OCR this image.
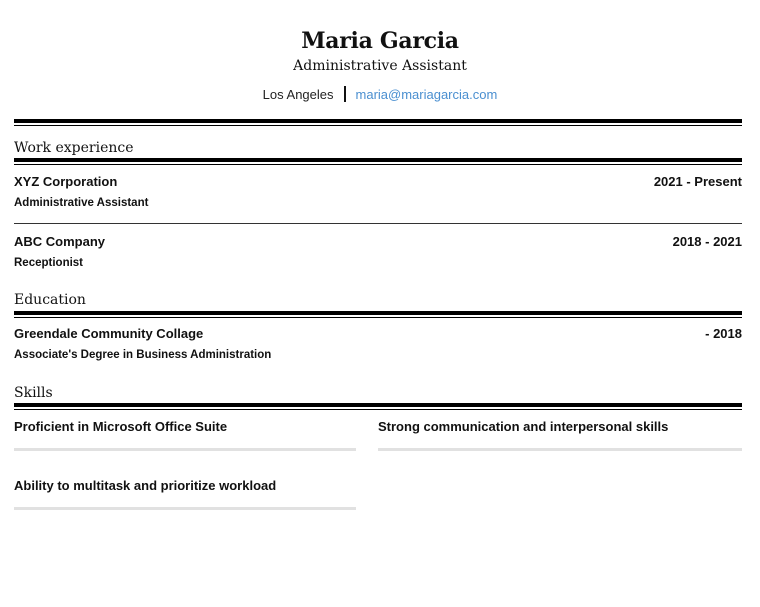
Maria Garcia
Administrative Assistant
Los Angeles maria@mariagarcia.com
Work experience
XYZ Corporation	2021 - Present
Administrative Assistant
ABC Company	2018 - 2021
Receptionist
Education
Greendale Community Collage	- 2018
Associate's Degree in Business Administration
Skills
Proficient in Microsoft Office Suite	Strong communication and interpersonal skills
Ability to multitask and prioritize workload
